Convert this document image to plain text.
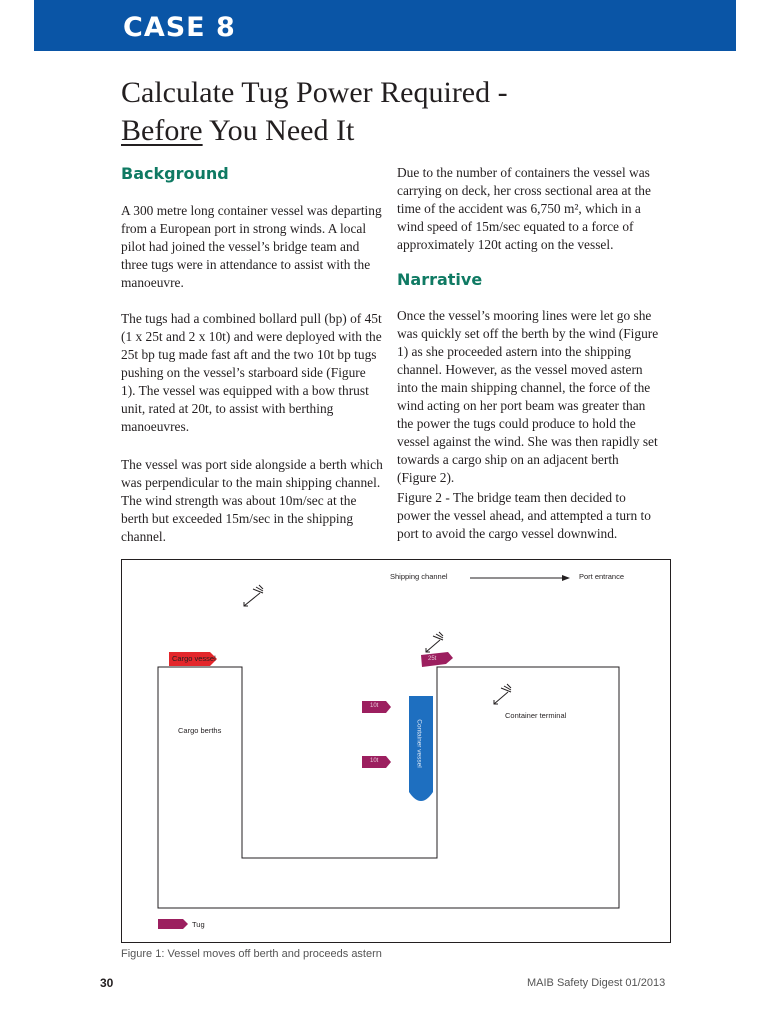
CASE 8
Calculate Tug Power Required -
Before You Need It
Background

A 300 metre long container vessel was departing from a European port in strong winds. A local pilot had joined the vessel’s bridge team and three tugs were in attendance to assist with the manoeuvre.

The tugs had a combined bollard pull (bp) of 45t (1 x 25t and 2 x 10t) and were deployed with the 25t bp tug made fast aft and the two 10t bp tugs pushing on the vessel’s starboard side (Figure 1). The vessel was equipped with a bow thrust unit, rated at 20t, to assist with berthing manoeuvres.

The vessel was port side alongside a berth which was perpendicular to the main shipping channel. The wind strength was about 10m/sec at the berth but exceeded 15m/sec in the shipping channel.

Due to the number of containers the vessel was carrying on deck, her cross sectional area at the time of the accident was 6,750 m², which in a wind speed of 15m/sec equated to a force of approximately 120t acting on the vessel.

Narrative

Once the vessel’s mooring lines were let go she was quickly set off the berth by the wind (Figure 1) as she proceeded astern into the shipping channel. However, as the vessel moved astern into the main shipping channel, the force of the wind acting on her port beam was greater than the power the tugs could produce to hold the vessel against the wind. She was then rapidly set towards a cargo ship on an adjacent berth (Figure 2).

Figure 2 - The bridge team then decided to power the vessel ahead, and attempted a turn to port to avoid the cargo vessel downwind.

Shipping channel	Port entrance
Cargo vessel
Cargo berths
Container terminal
Container vessel
25t
10t
10t
Tug
Figure 1: Vessel moves off berth and proceeds astern
30	MAIB Safety Digest 01/2013
